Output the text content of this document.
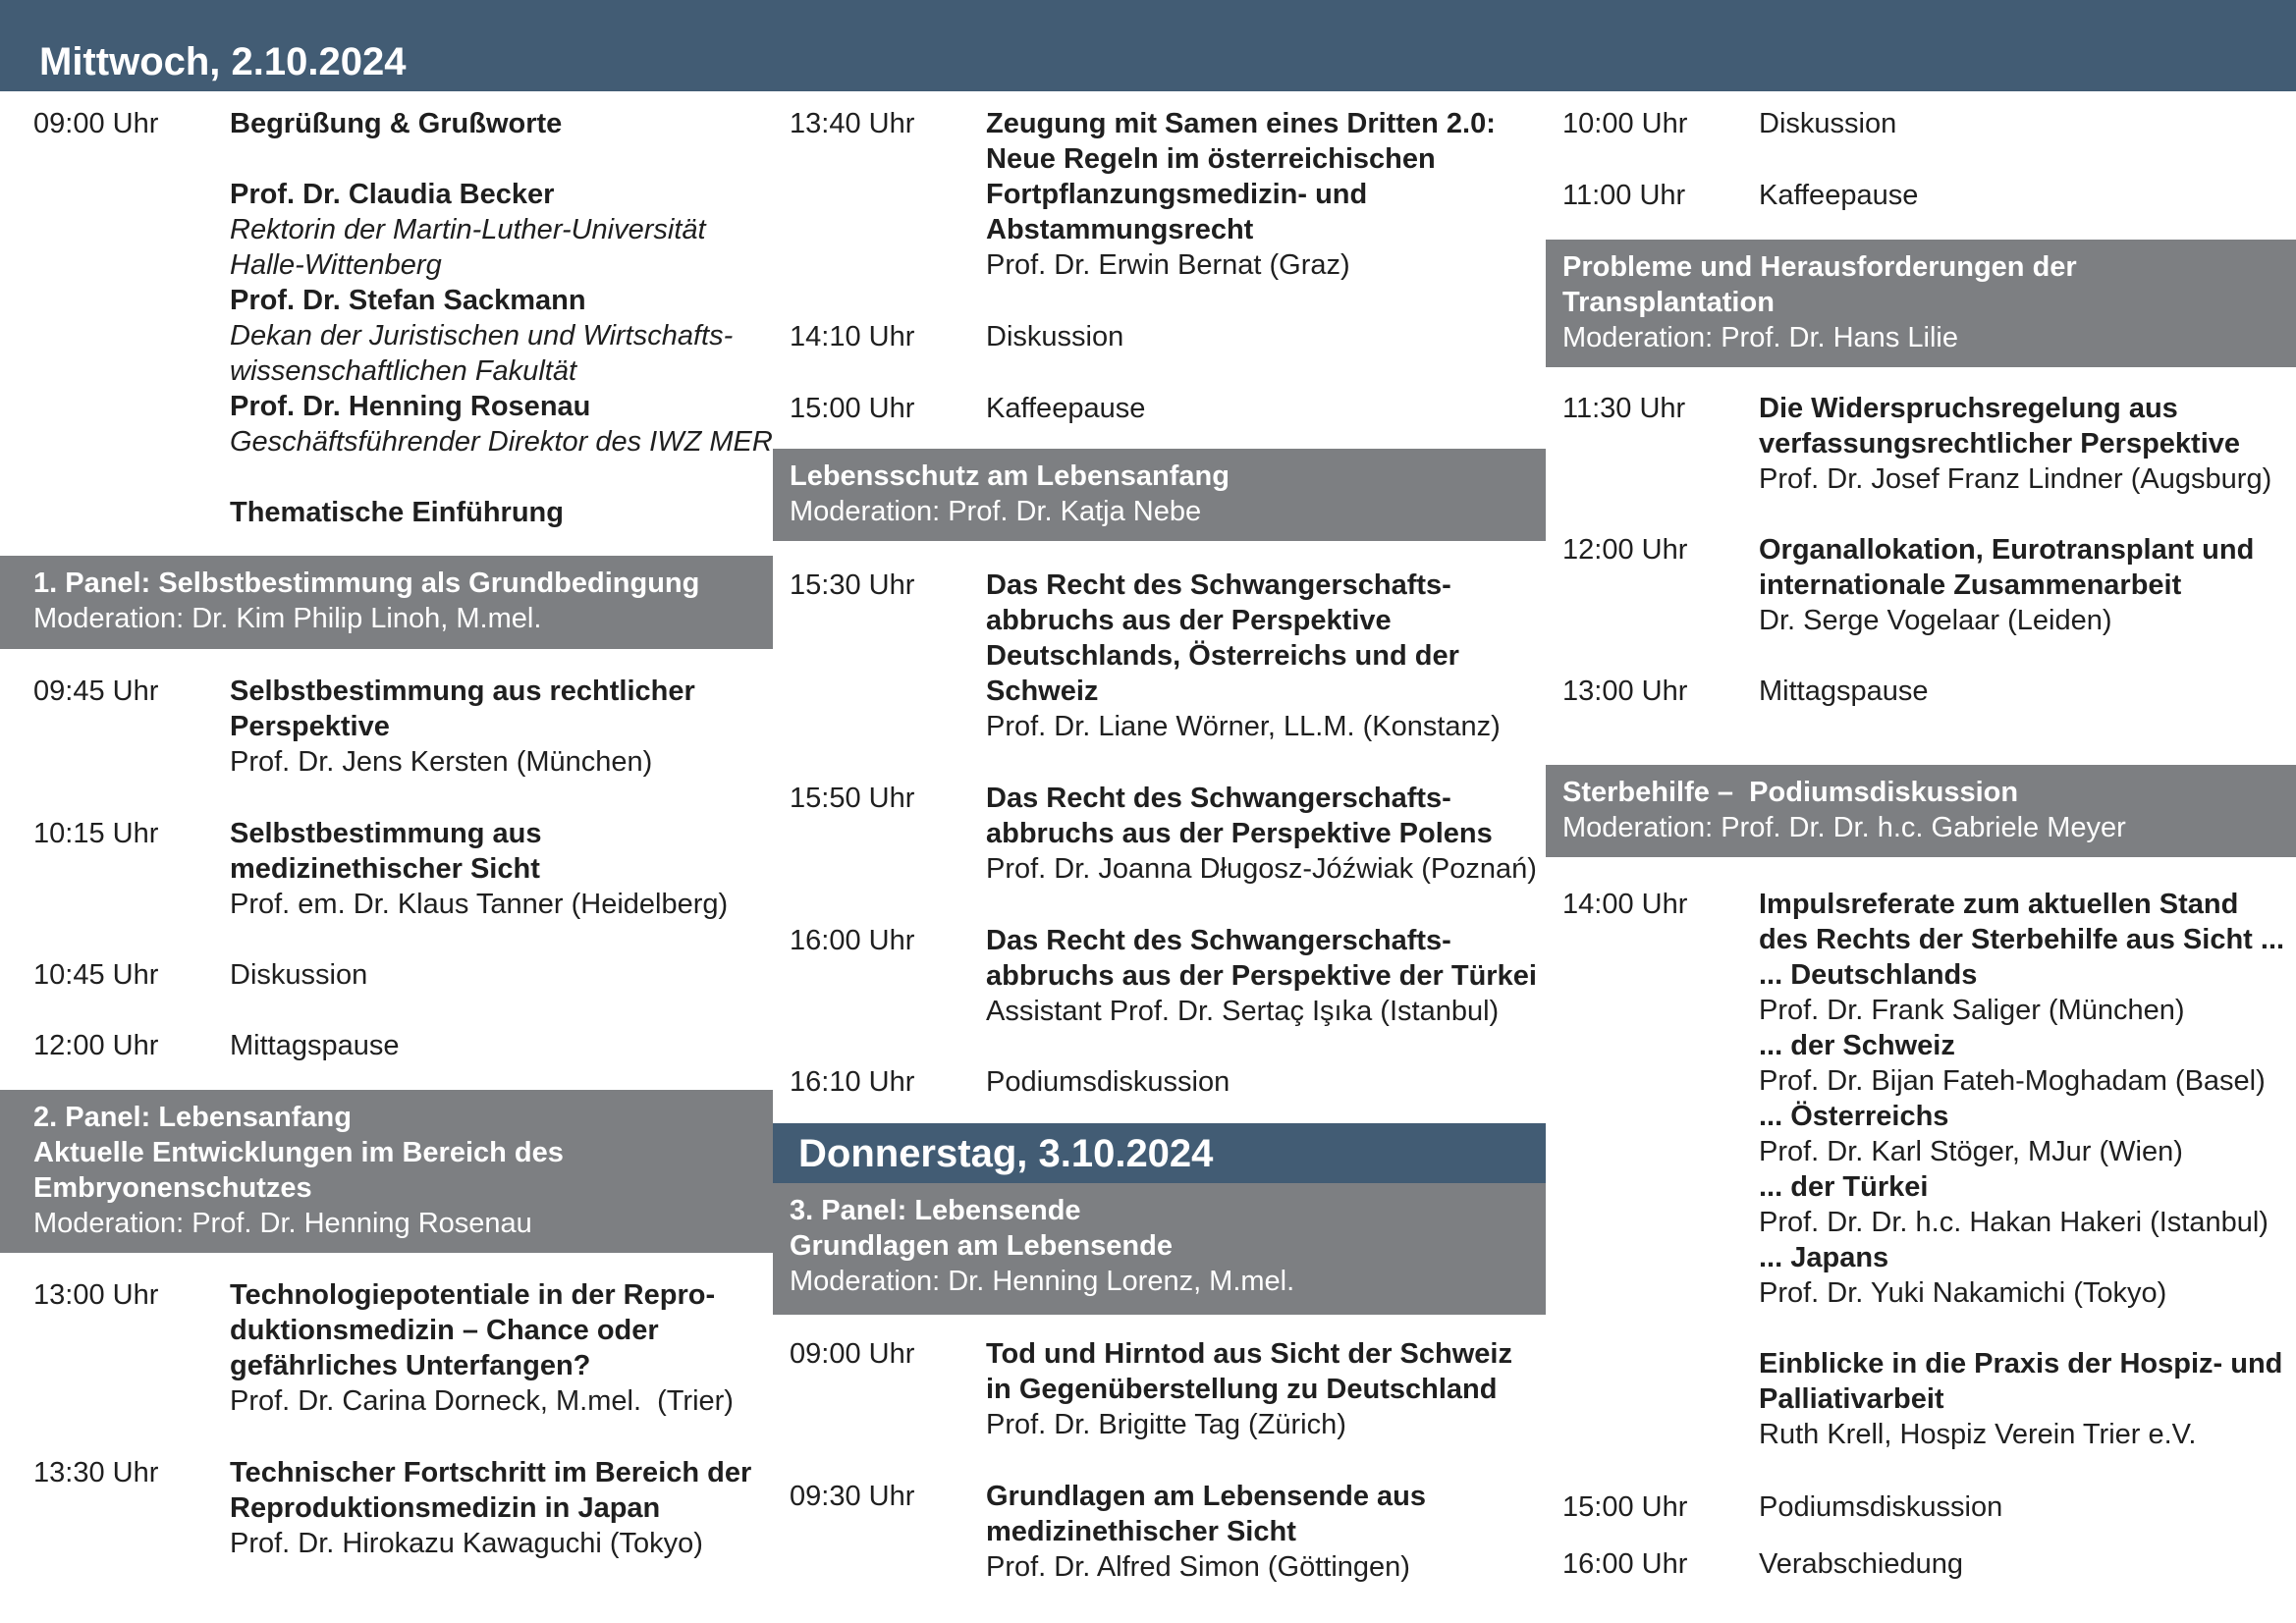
Mittwoch, 2.10.2024
09:00 Uhr	Begrüßung & Grußworte

Prof. Dr. Claudia Becker
Rektorin der Martin-Luther-Universität
Halle-Wittenberg
Prof. Dr. Stefan Sackmann
Dekan der Juristischen und Wirtschafts-
wissenschaftlichen Fakultät
Prof. Dr. Henning Rosenau
Geschäftsführender Direktor des IWZ MER

Thematische Einführung
1. Panel: Selbstbestimmung als Grundbedingung
Moderation: Dr. Kim Philip Linoh, M.mel.
09:45 Uhr	Selbstbestimmung aus rechtlicher
Perspektive
Prof. Dr. Jens Kersten (München)
10:15 Uhr	Selbstbestimmung aus
medizinethischer Sicht
Prof. em. Dr. Klaus Tanner (Heidelberg)
10:45 Uhr	Diskussion
12:00 Uhr	Mittagspause
2. Panel: Lebensanfang
Aktuelle Entwicklungen im Bereich des
Embryonenschutzes
Moderation: Prof. Dr. Henning Rosenau
13:00 Uhr	Technologiepotentiale in der Repro-
duktionsmedizin – Chance oder
gefährliches Unterfangen?
Prof. Dr. Carina Dorneck, M.mel.  (Trier)
13:30 Uhr	Technischer Fortschritt im Bereich der
Reproduktionsmedizin in Japan
Prof. Dr. Hirokazu Kawaguchi (Tokyo)
13:40 Uhr	Zeugung mit Samen eines Dritten 2.0:
Neue Regeln im österreichischen
Fortpflanzungsmedizin- und
Abstammungsrecht
Prof. Dr. Erwin Bernat (Graz)
14:10 Uhr	Diskussion
15:00 Uhr	Kaffeepause
Lebensschutz am Lebensanfang
Moderation: Prof. Dr. Katja Nebe
15:30 Uhr	Das Recht des Schwangerschafts-
abbruchs aus der Perspektive
Deutschlands, Österreichs und der
Schweiz
Prof. Dr. Liane Wörner, LL.M. (Konstanz)
15:50 Uhr	Das Recht des Schwangerschafts-
abbruchs aus der Perspektive Polens
Prof. Dr. Joanna Długosz-Jóźwiak (Poznań)
16:00 Uhr	Das Recht des Schwangerschafts-
abbruchs aus der Perspektive der Türkei
Assistant Prof. Dr. Sertaç Işıka (Istanbul)
16:10 Uhr	Podiumsdiskussion
3. Panel: Lebensende
Grundlagen am Lebensende
Moderation: Dr. Henning Lorenz, M.mel.
09:00 Uhr	Tod und Hirntod aus Sicht der Schweiz
in Gegenüberstellung zu Deutschland
Prof. Dr. Brigitte Tag (Zürich)
09:30 Uhr	Grundlagen am Lebensende aus
medizinethischer Sicht
Prof. Dr. Alfred Simon (Göttingen)
Donnerstag, 3.10.2024
10:00 Uhr	Diskussion
11:00 Uhr	Kaffeepause
Probleme und Herausforderungen der
Transplantation
Moderation: Prof. Dr. Hans Lilie
11:30 Uhr	Die Widerspruchsregelung aus
verfassungsrechtlicher Perspektive
Prof. Dr. Josef Franz Lindner (Augsburg)
12:00 Uhr	Organallokation, Eurotransplant und
internationale Zusammenarbeit
Dr. Serge Vogelaar (Leiden)
13:00 Uhr	Mittagspause
Sterbehilfe –  Podiumsdiskussion
Moderation: Prof. Dr. Dr. h.c. Gabriele Meyer
14:00 Uhr	Impulsreferate zum aktuellen Stand
des Rechts der Sterbehilfe aus Sicht ...
... Deutschlands
Prof. Dr. Frank Saliger (München)
... der Schweiz
Prof. Dr. Bijan Fateh-Moghadam (Basel)
... Österreichs
Prof. Dr. Karl Stöger, MJur (Wien)
... der Türkei
Prof. Dr. Dr. h.c. Hakan Hakeri (Istanbul)
... Japans
Prof. Dr. Yuki Nakamichi (Tokyo)

Einblicke in die Praxis der Hospiz- und
Palliativarbeit
Ruth Krell, Hospiz Verein Trier e.V.
15:00 Uhr	Podiumsdiskussion
16:00 Uhr	Verabschiedung
